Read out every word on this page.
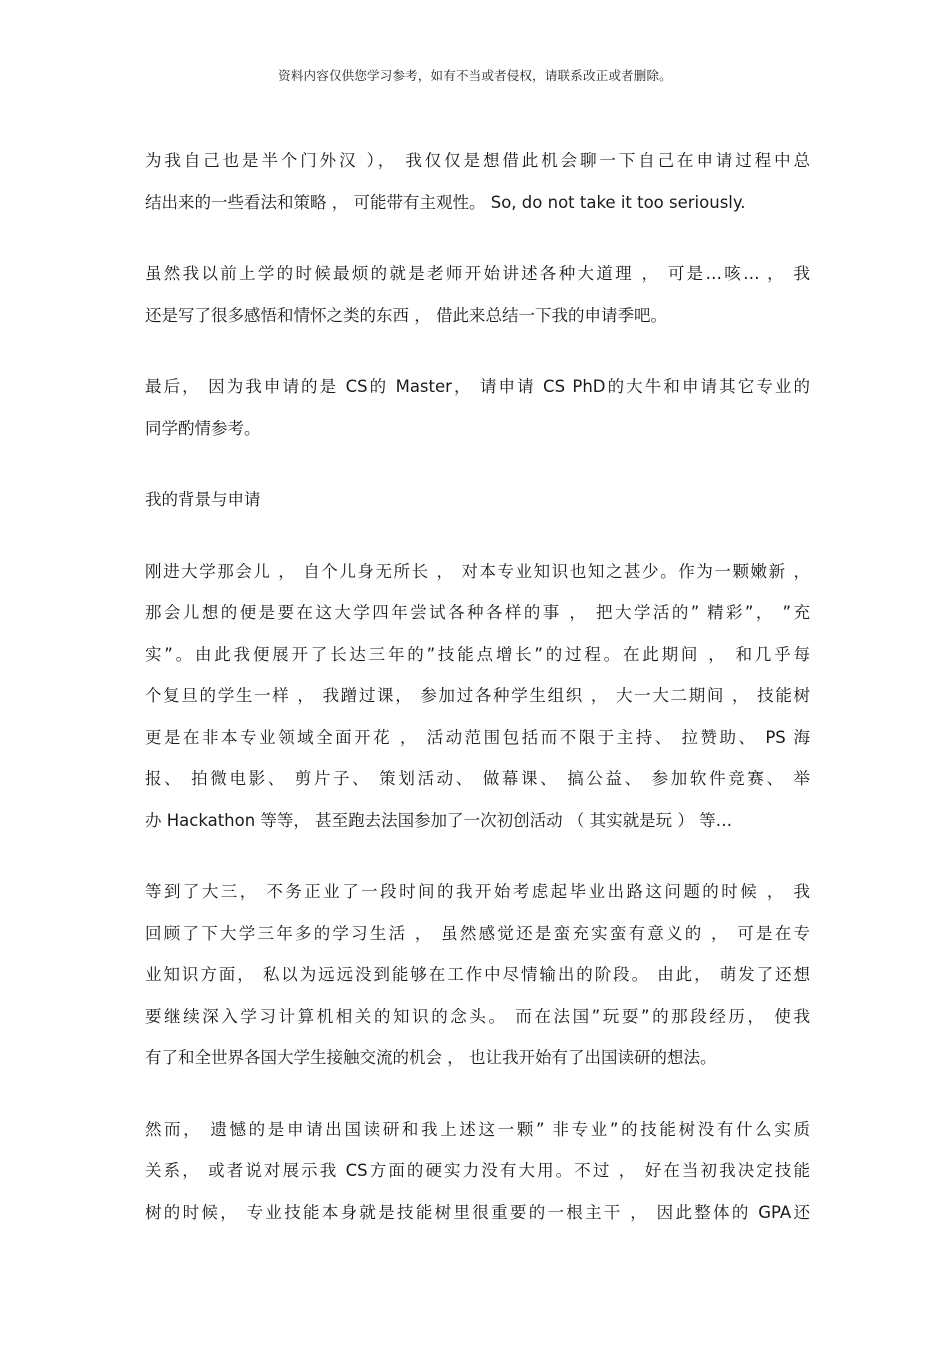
资料内容仅供您学习参考，如有不当或者侵权，请联系改正或者删除。
为我自己也是半个门外汉 ）， 我仅仅是想借此机会聊一下自己在申请过程中总
结出来的一些看法和策略 ， 可能带有主观性。 So, do not take it too seriously.
虽然我以前上学的时候最烦的就是老师开始讲述各种大道理 ， 可是…咳… ， 我
还是写了很多感悟和情怀之类的东西 ， 借此来总结一下我的申请季吧。
最后， 因为我申请的是 CS的 Master， 请申请 CS PhD的大牛和申请其它专业的
同学酌情参考。
我的背景与申请
刚进大学那会儿 ， 自个儿身无所长 ， 对本专业知识也知之甚少。作为一颗嫩新 ，
那会儿想的便是要在这大学四年尝试各种各样的事 ， 把大学活的” 精彩”， ”充
实”。由此我便展开了长达三年的”技能点增长”的过程。在此期间 ， 和几乎每
个复旦的学生一样 ， 我蹭过课， 参加过各种学生组织 ， 大一大二期间 ， 技能树
更是在非本专业领域全面开花 ， 活动范围包括而不限于主持、 拉赞助、 PS 海
报、 拍微电影、 剪片子、 策划活动、 做幕课、 搞公益、 参加软件竞赛、 举
办 Hackathon 等等， 甚至跑去法国参加了一次初创活动 （ 其实就是玩 ） 等…
等到了大三， 不务正业了一段时间的我开始考虑起毕业出路这问题的时候 ， 我
回顾了下大学三年多的学习生活 ， 虽然感觉还是蛮充实蛮有意义的 ， 可是在专
业知识方面， 私以为远远没到能够在工作中尽情输出的阶段。 由此， 萌发了还想
要继续深入学习计算机相关的知识的念头。 而在法国”玩耍”的那段经历， 使我
有了和全世界各国大学生接触交流的机会 ， 也让我开始有了出国读研的想法。
然而， 遗憾的是申请出国读研和我上述这一颗” 非专业”的技能树没有什么实质
关系， 或者说对展示我 CS方面的硬实力没有大用。不过 ， 好在当初我决定技能
树的时候， 专业技能本身就是技能树里很重要的一根主干 ， 因此整体的 GPA还
